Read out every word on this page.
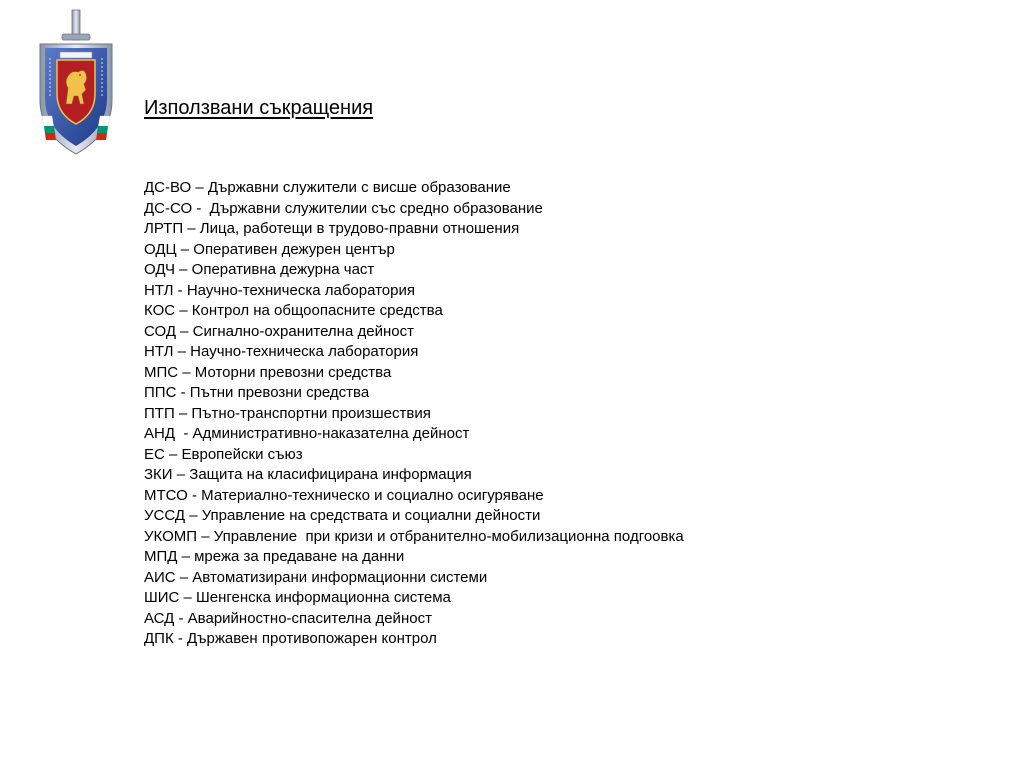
Използвани съкращения
ДС-ВО – Държавни служители с висше образование
ДС-СО -  Държавни служителии със средно образование
ЛРТП – Лица, работещи в трудово-правни отношения
ОДЦ – Оперативен дежурен център
ОДЧ – Оперативна дежурна част
НТЛ - Научно-техническа лаборатория
КОС – Контрол на общоопасните средства
СОД – Сигнално-охранителна дейност
НТЛ – Научно-техническа лаборатория
МПС – Моторни превозни средства
ППС - Пътни превозни средства
ПТП – Пътно-транспортни произшествия
АНД  - Административно-наказателна дейност
ЕС – Европейски съюз
ЗКИ – Защита на класифицирана информация
МТСО - Материално-техническо и социално осигуряване
УССД – Управление на средствата и социални дейности
УКОМП – Управление  при кризи и отбранително-мобилизационна подгоовка
МПД – мрежа за предаване на данни
АИС – Автоматизирани информационни системи
ШИС – Шенгенска информационна система
АСД - Аварийностно-спасителна дейност
ДПК - Държавен противопожарен контрол
